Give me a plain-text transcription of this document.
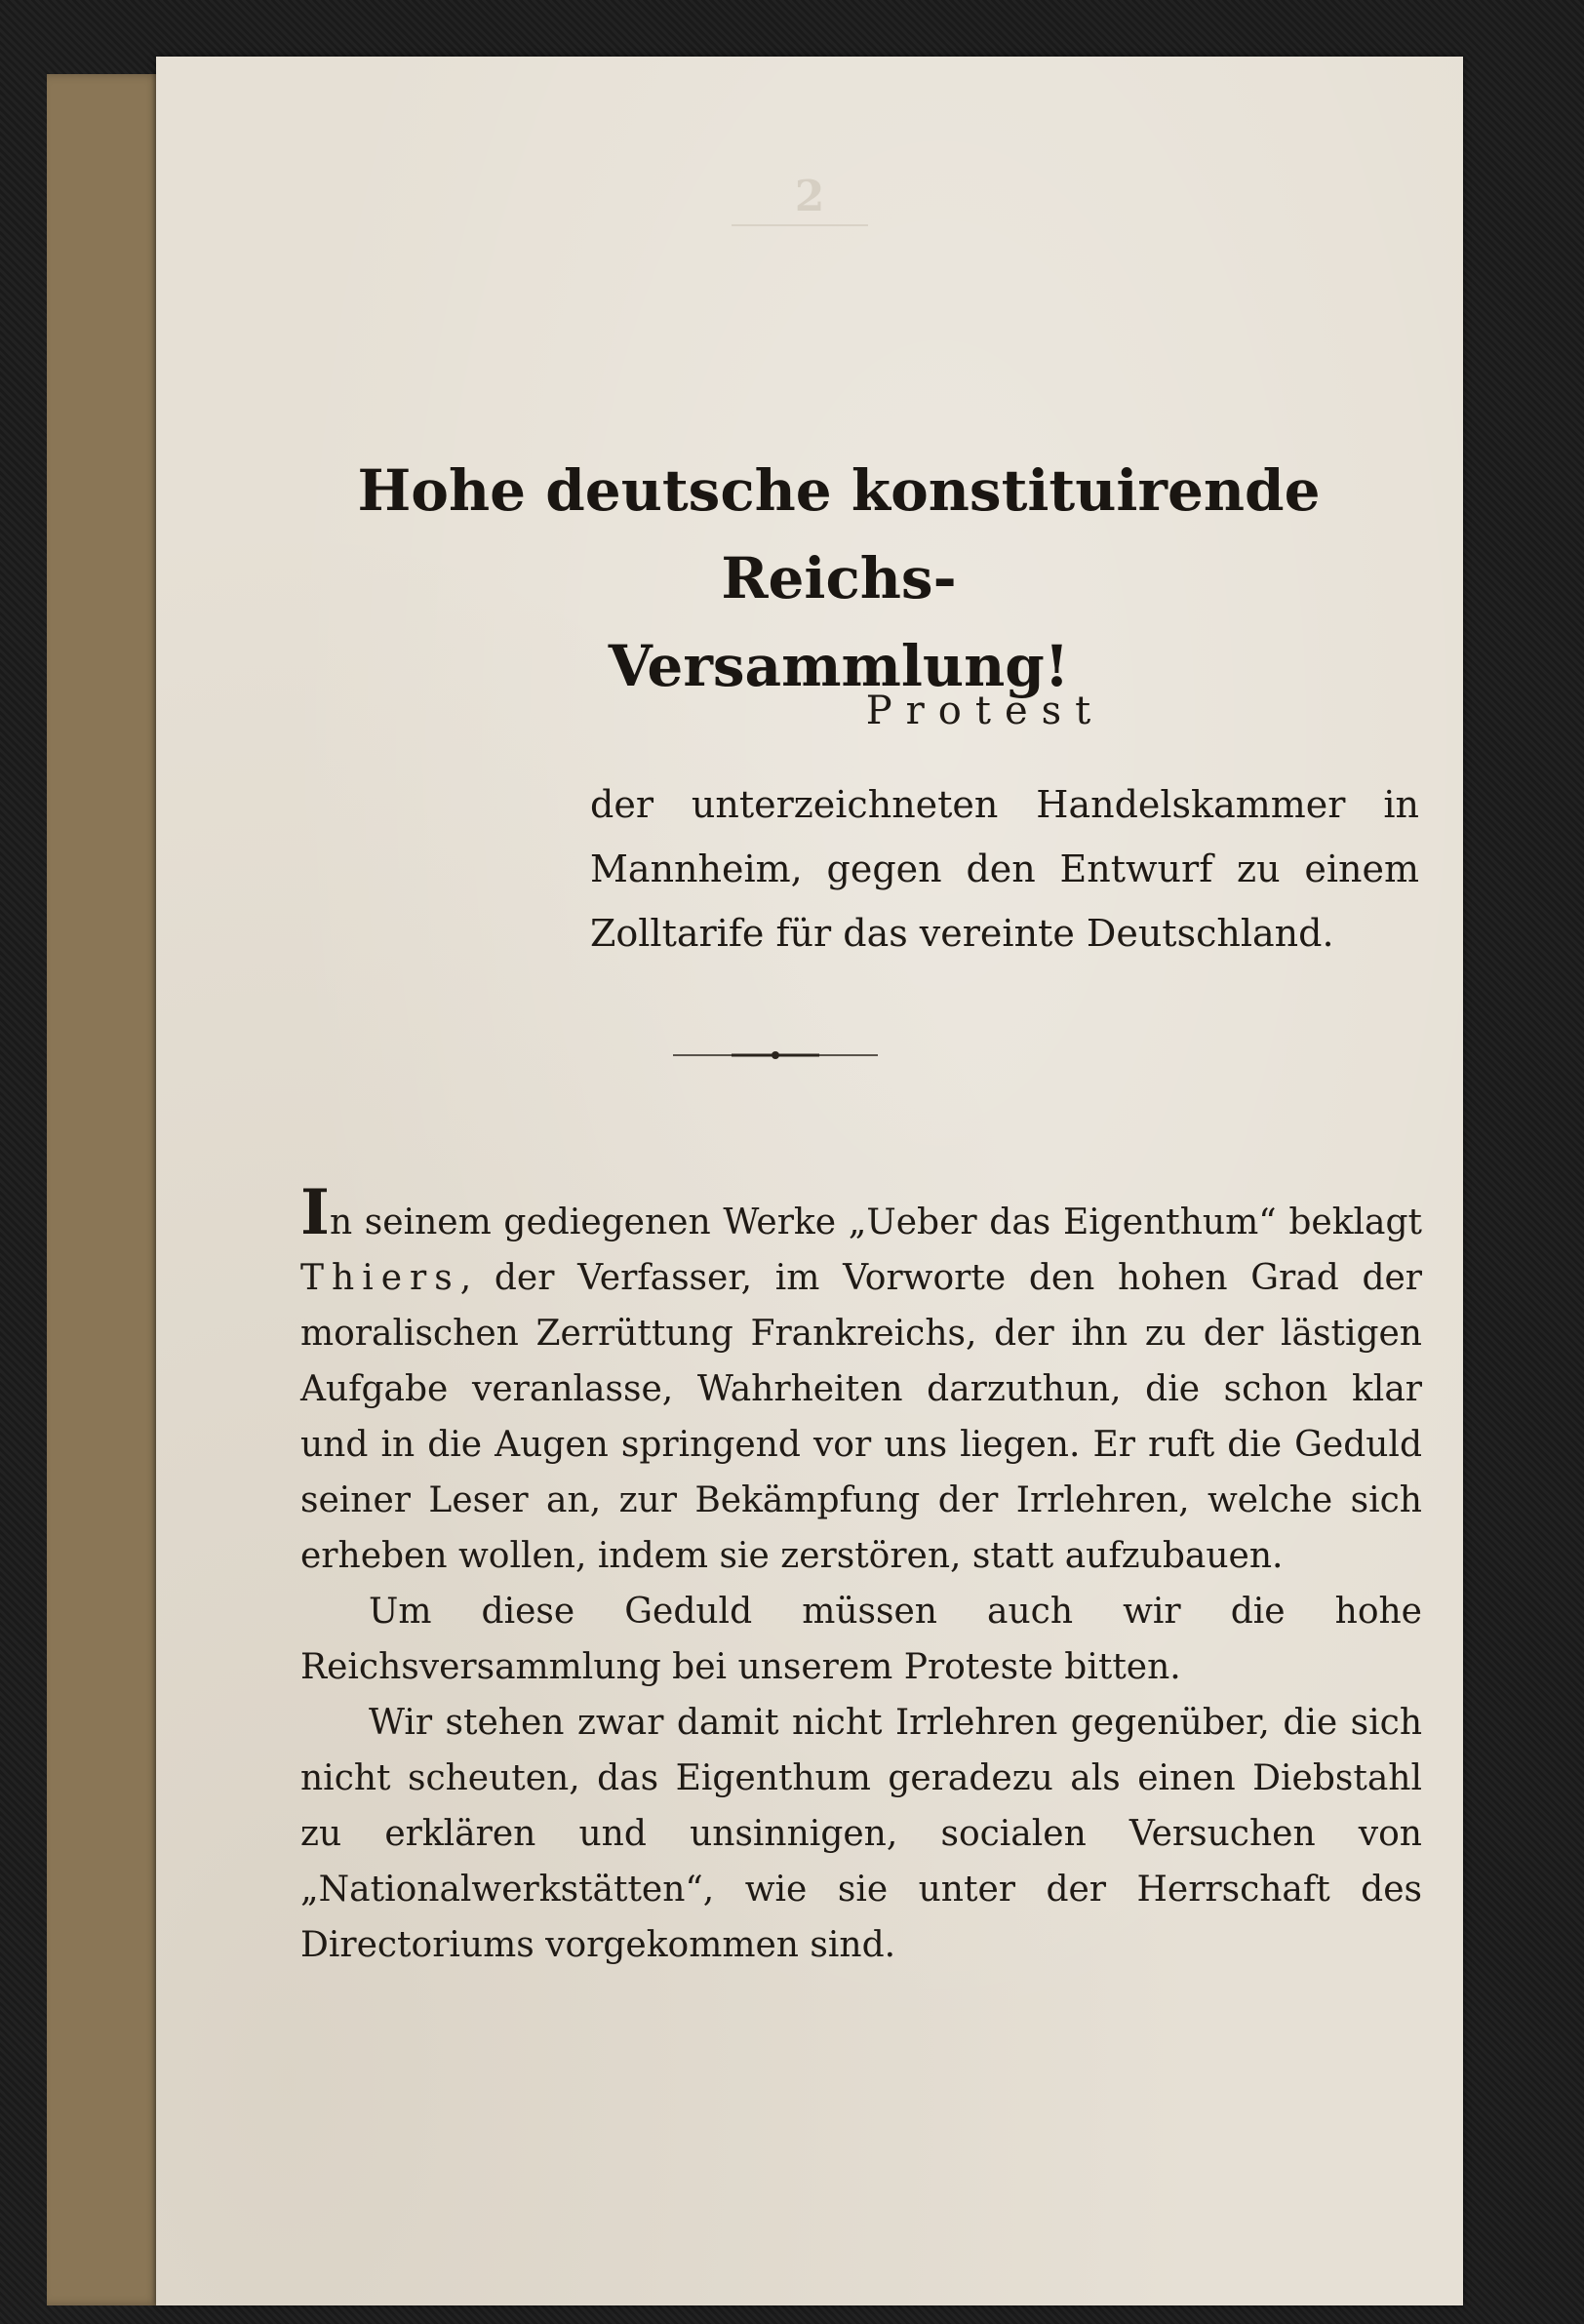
2
Hohe deutsche konstituirende Reichs-
Versammlung!
Protest
der unterzeichneten Handelskammer in Mannheim, gegen den Entwurf zu einem Zolltarife für das vereinte Deutschland.

In seinem gediegenen Werke „Ueber das Eigenthum“ beklagt Thiers, der Verfasser, im Vorworte den hohen Grad der moralischen Zerrüttung Frankreichs, der ihn zu der lästigen Aufgabe veranlasse, Wahrheiten darzuthun, die schon klar und in die Augen springend vor uns liegen. Er ruft die Geduld seiner Leser an, zur Bekämpfung der Irrlehren, welche sich erheben wollen, indem sie zerstören, statt aufzubauen.

Um diese Geduld müssen auch wir die hohe Reichsversammlung bei unserem Proteste bitten.

Wir stehen zwar damit nicht Irrlehren gegenüber, die sich nicht scheuten, das Eigenthum geradezu als einen Diebstahl zu erklären und unsinnigen, socialen Versuchen von „Nationalwerkstätten“, wie sie unter der Herrschaft des Directoriums vorgekommen sind.
